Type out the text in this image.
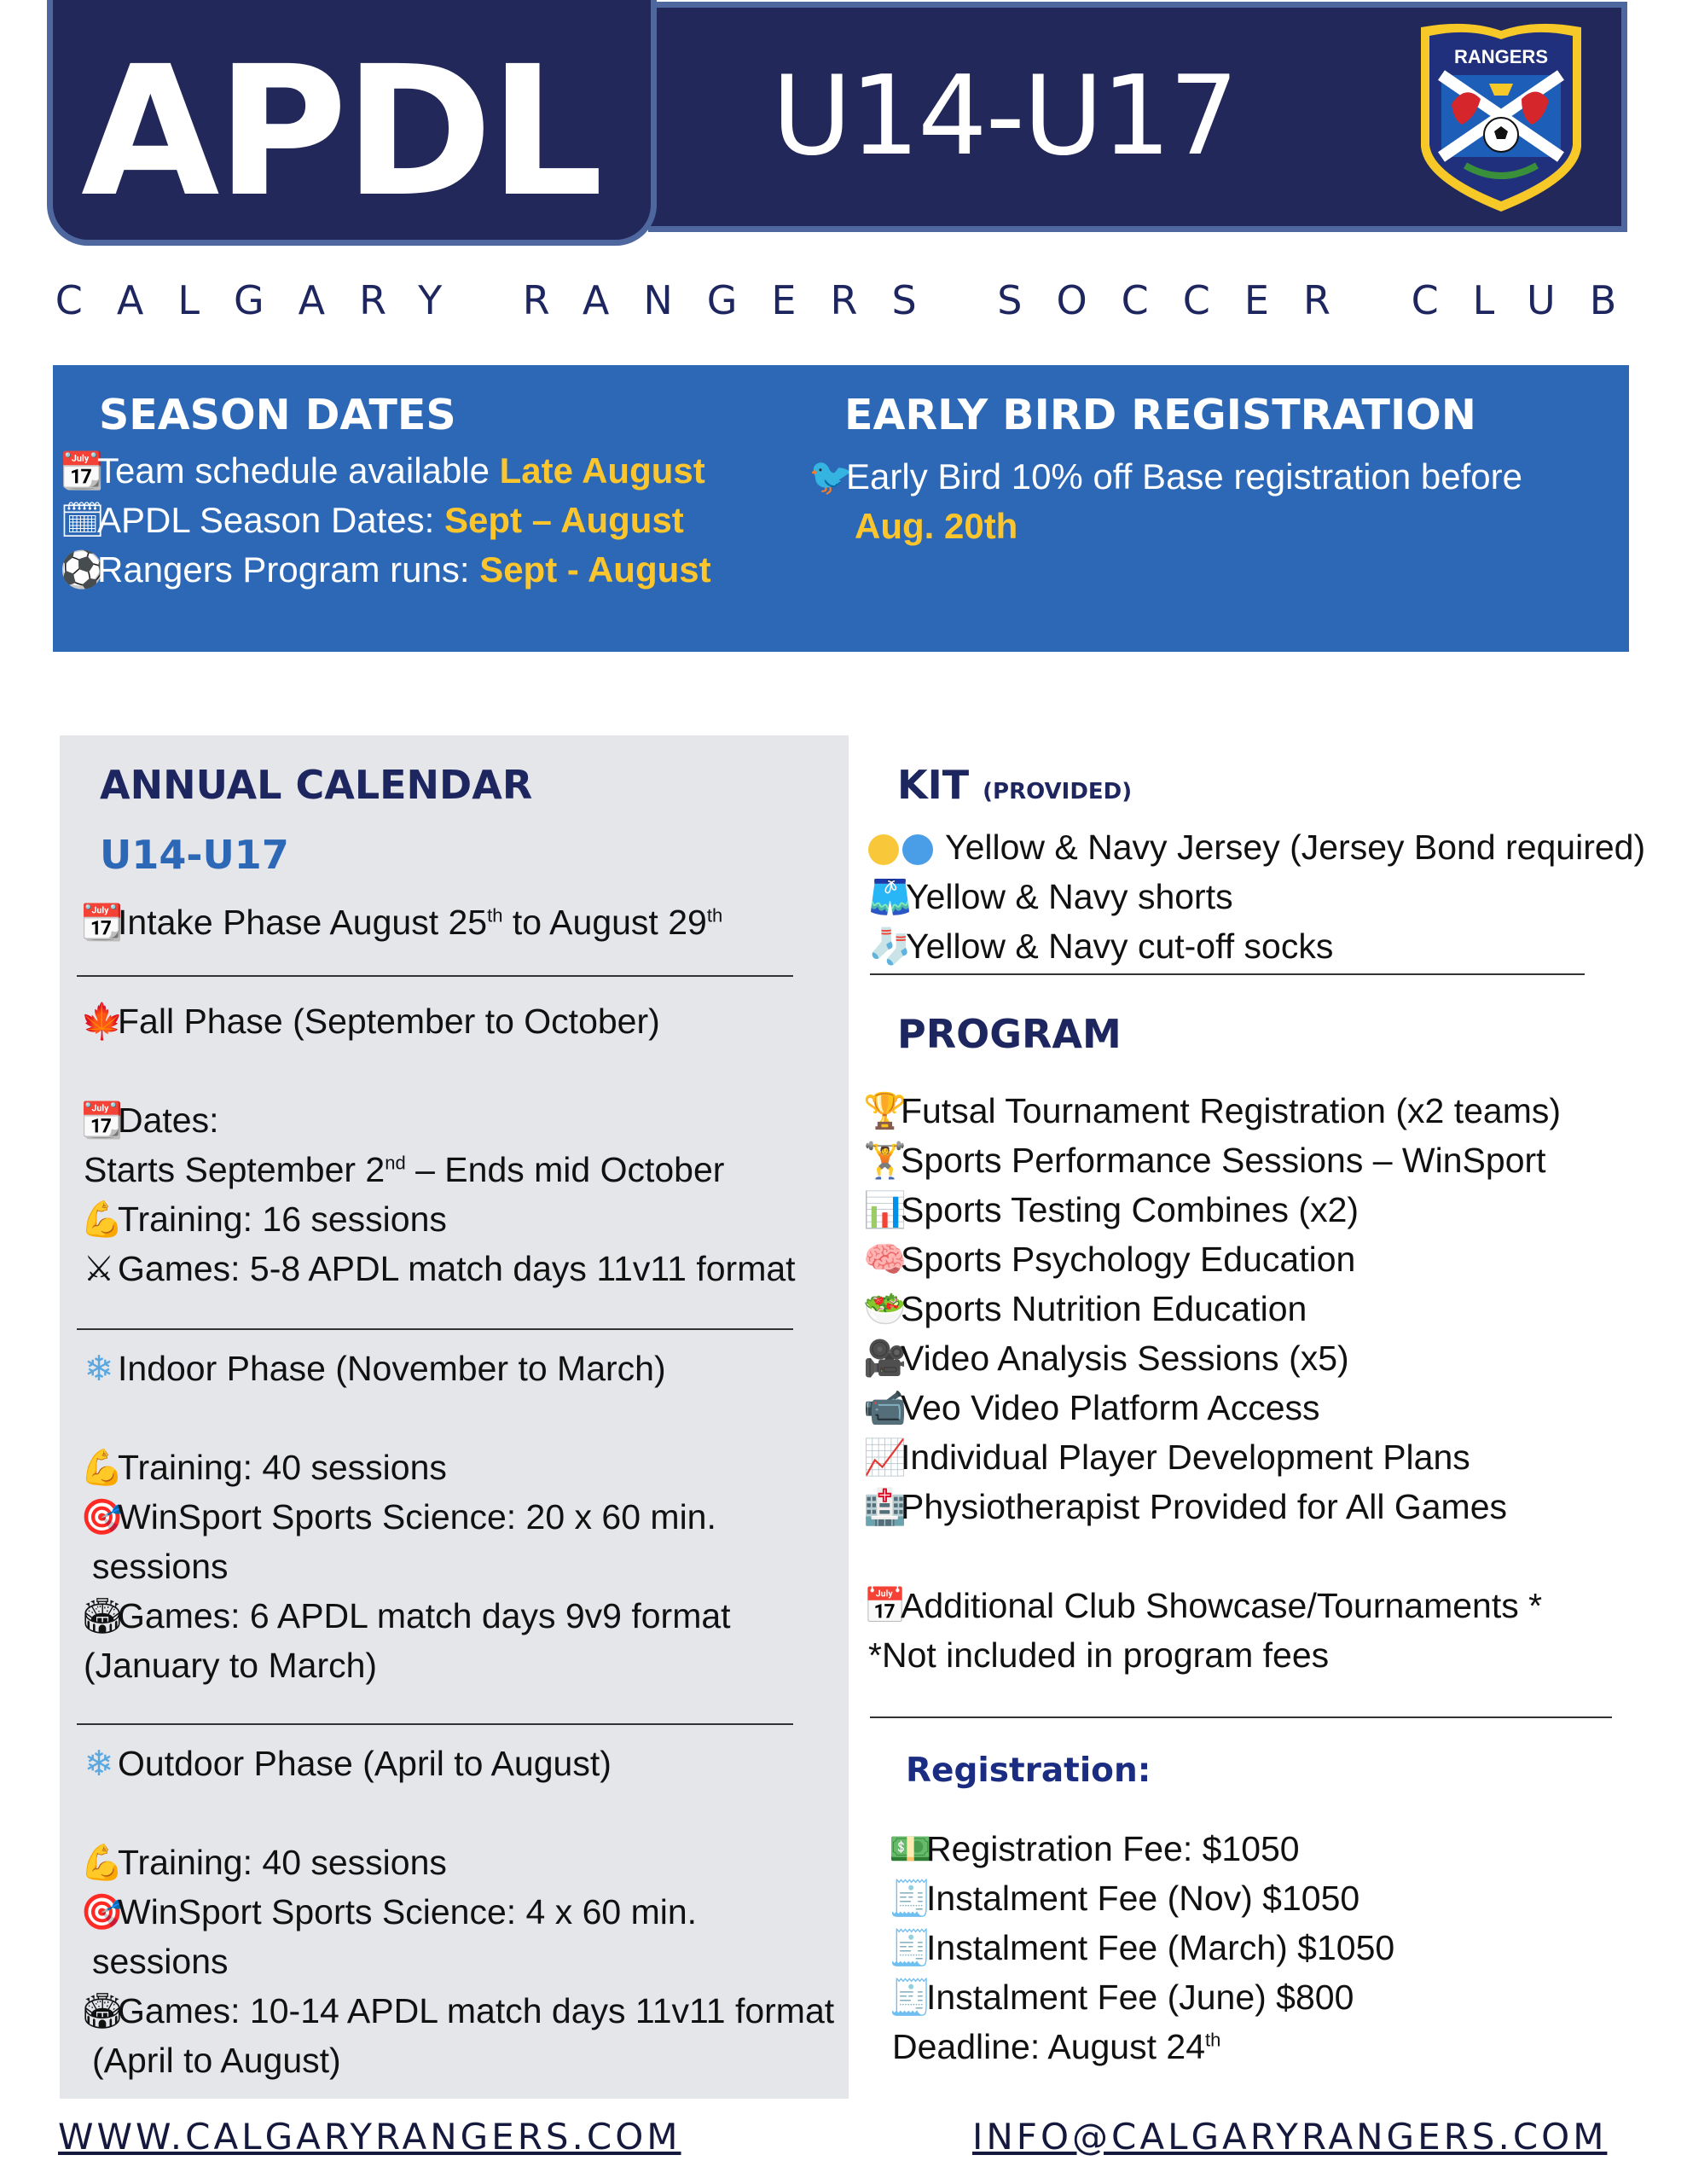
APDL U14-U17	RANGERS
CALGARY RANGERS SOCCER CLUB
SEASON DATES
📆Team schedule available Late August
🗓APDL Season Dates: Sept – August
⚽Rangers Program runs: Sept - August
EARLY BIRD REGISTRATION
🐦Early Bird 10% off Base registration before
Aug. 20th
ANNUAL CALENDAR
U14-U17
📆Intake Phase August 25th to August 29th
🍁Fall Phase (September to October)
📆Dates:
Starts September 2nd – Ends mid October
💪Training: 16 sessions
⚔Games: 5-8 APDL match days 11v11 format
❄ Indoor Phase (November to March)
💪Training: 40 sessions
🎯WinSport Sports Science: 20 x 60 min.
sessions
🏟Games: 6 APDL match days 9v9 format
(January to March)
❄ Outdoor Phase (April to August)
💪Training: 40 sessions
🎯WinSport Sports Science: 4 x 60 min.
sessions
🏟Games: 10-14 APDL match days 11v11 format
(April to August)
KIT (PROVIDED)
Yellow & Navy Jersey (Jersey Bond required)
🩳Yellow & Navy shorts
🧦Yellow & Navy cut-off socks
PROGRAM
🏆Futsal Tournament Registration (x2 teams)
🏋Sports Performance Sessions – WinSport
📊Sports Testing Combines (x2)
🧠Sports Psychology Education
🥗Sports Nutrition Education
🎥Video Analysis Sessions (x5)
📹Veo Video Platform Access
📈Individual Player Development Plans
🏥Physiotherapist Provided for All Games
📅Additional Club Showcase/Tournaments *
*Not included in program fees
Registration:
💵Registration Fee: $1050
🧾Instalment Fee (Nov) $1050
🧾Instalment Fee (March) $1050
🧾Instalment Fee (June) $800
Deadline: August 24th
WWW.CALGARYRANGERS.COM	INFO@CALGARYRANGERS.COM
